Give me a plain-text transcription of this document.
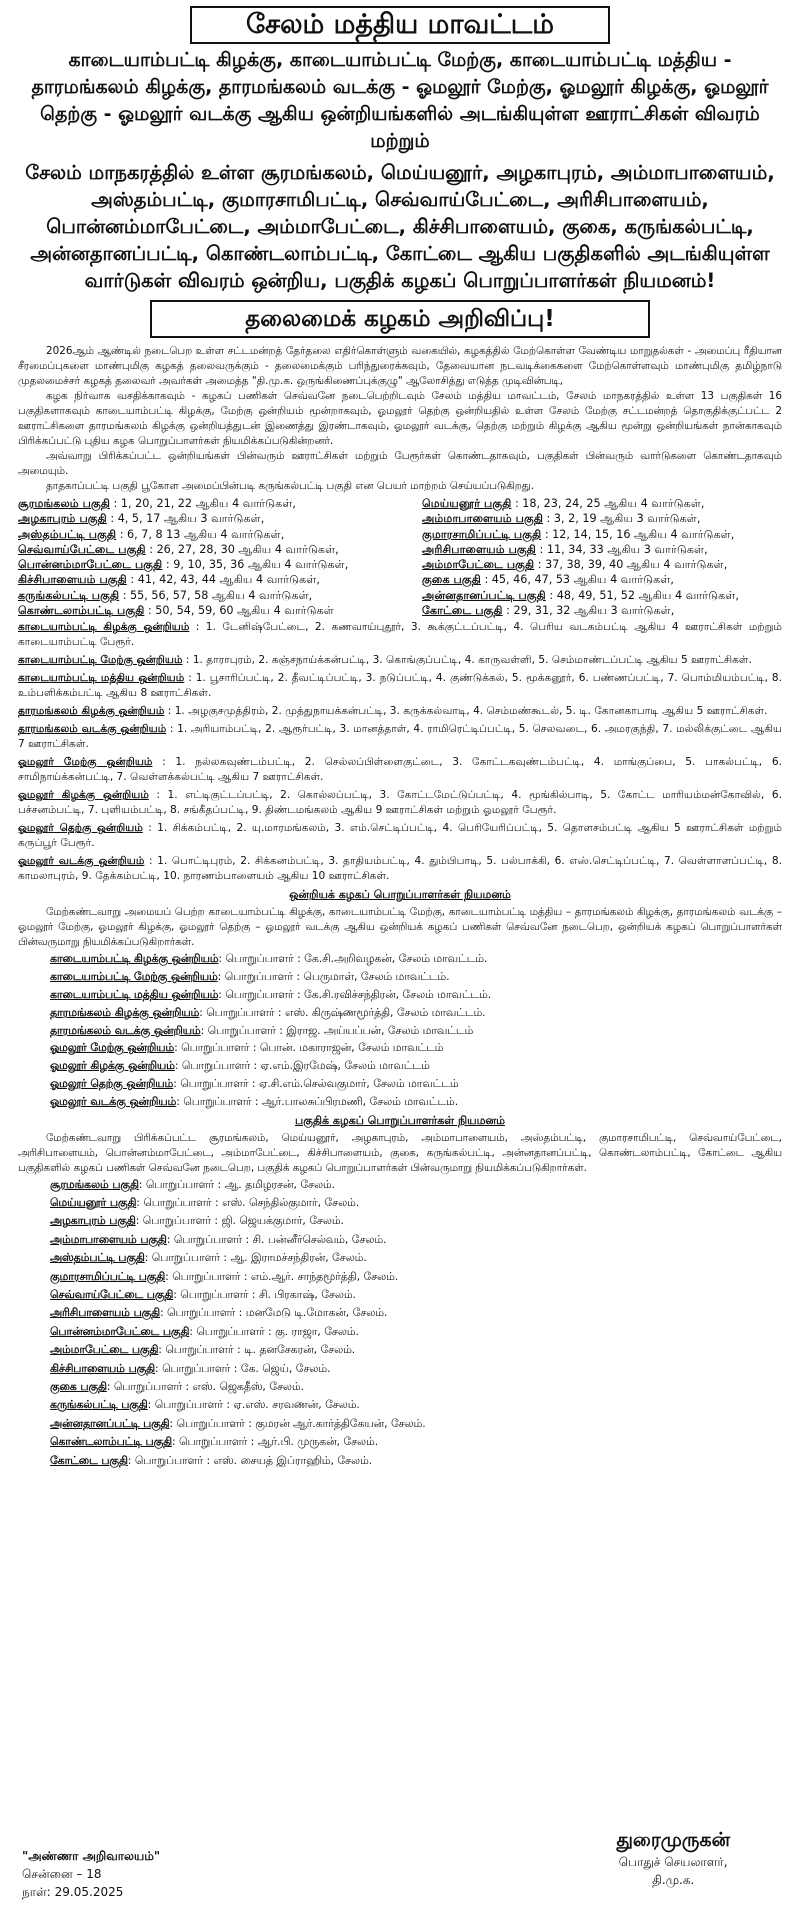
சேலம் மத்திய மாவட்டம்
காடையாம்பட்டி கிழக்கு, காடையாம்பட்டி மேற்கு, காடையாம்பட்டி மத்திய - தாரமங்கலம் கிழக்கு, தாரமங்கலம் வடக்கு - ஓமலூர் மேற்கு, ஓமலூர் கிழக்கு, ஓமலூர் தெற்கு - ஓமலூர் வடக்கு ஆகிய ஒன்றியங்களில் அடங்கியுள்ள ஊராட்சிகள் விவரம் மற்றும்
சேலம் மாநகரத்தில் உள்ள சூரமங்கலம், மெய்யனூர், அழகாபுரம், அம்மாபாளையம், அஸ்தம்பட்டி, குமாரசாமிபட்டி, செவ்வாய்பேட்டை, அரிசிபாளையம், பொன்னம்மாபேட்டை, அம்மாபேட்டை, கிச்சிபாளையம், குகை, கருங்கல்பட்டி, அன்னதானப்பட்டி, கொண்டலாம்பட்டி, கோட்டை ஆகிய பகுதிகளில் அடங்கியுள்ள வார்டுகள் விவரம் ஒன்றிய, பகுதிக் கழகப் பொறுப்பாளர்கள் நியமனம்!
தலைமைக் கழகம் அறிவிப்பு!
2026ஆம் ஆண்டில் நடைபெற உள்ள சட்டமன்றத் தேர்தலை எதிர்கொள்ளும் வகையில், கழகத்தில் மேற்கொள்ள வேண்டிய மாறுதல்கள் - அமைப்பு ரீதியான சீரமைப்புகளை மாண்புமிகு கழகத் தலைவருக்கும் - தலைமைக்கும் பரிந்துரைக்கவும், தேவையான நடவடிக்கைகளை மேற்கொள்ளவும் மாண்புமிகு தமிழ்நாடு முதலமைச்சர் கழகத் தலைவர் அவர்கள் அமைத்த "தி.மு.க. ஒருங்கிணைப்புக்குழு" ஆலோசித்து எடுத்த முடிவின்படி,
கழக நிர்வாக வசதிக்காகவும் - கழகப் பணிகள் செவ்வனே நடைபெற்றிடவும் சேலம் மத்திய மாவட்டம், சேலம் மாநகரத்தில் உள்ள 13 பகுதிகள் 16 பகுதிகளாகவும் காடையாம்பட்டி கிழக்கு, மேற்கு ஒன்றியம் மூன்றாகவும், ஓமலூர் தெற்கு ஒன்றியதில் உள்ள சேலம் மேற்கு சட்டமன்றத் தொகுதிக்குட்பட்ட 2 ஊராட்சிகளை தாரமங்கலம் கிழக்கு ஒன்றியத்துடன் இணைத்து இரண்டாகவும், ஓமலூர் வடக்கு, தெற்கு மற்றும் கிழக்கு ஆகிய மூன்று ஒன்றியங்கள் நான்காகவும் பிரிக்கப்பட்டு புதிய கழக பொறுப்பாளர்கள் நியமிக்கப்படுகின்றனர்.
அவ்வாறு பிரிக்கப்பட்ட ஒன்றியங்கள் பின்வரும் ஊராட்சிகள் மற்றும் பேரூர்கள் கொண்டதாகவும், பகுதிகள் பின்வரும் வார்டுகளை கொண்டதாகவும் அமையும்.
தாதகாப்பட்டி பகுதி பூகோள அமைப்பின்படி கருங்கல்பட்டி பகுதி என பெயர் மாற்றம் செய்யப்படுகிறது.
சூரமங்கலம் பகுதி : 1, 20, 21, 22 ஆகிய 4 வார்டுகள்,	மெய்யனூர் பகுதி : 18, 23, 24, 25 ஆகிய 4 வார்டுகள்,
அழகாபுரம் பகுதி : 4, 5, 17 ஆகிய 3 வார்டுகள்,	அம்மாபாளையம் பகுதி : 3, 2, 19 ஆகிய 3 வார்டுகள்,
அஸ்தம்பட்டி பகுதி : 6, 7, 8 13 ஆகிய 4 வார்டுகள்,	குமாரசாமிப்பட்டி பகுதி : 12, 14, 15, 16 ஆகிய 4 வார்டுகள்,
செவ்வாய்பேட்டை பகுதி : 26, 27, 28, 30 ஆகிய 4 வார்டுகள்,	அரிசிபாளையம் பகுதி : 11, 34, 33 ஆகிய 3 வார்டுகள்,
பொன்னம்மாபேட்டை பகுதி : 9, 10, 35, 36 ஆகிய 4 வார்டுகள்,	அம்மாபேட்டை பகுதி : 37, 38, 39, 40 ஆகிய 4 வார்டுகள்,
கிச்சிபாளையம் பகுதி : 41, 42, 43, 44 ஆகிய 4 வார்டுகள்,	குகை பகுதி : 45, 46, 47, 53 ஆகிய 4 வார்டுகள்,
கருங்கல்பட்டி பகுதி : 55, 56, 57, 58 ஆகிய 4 வார்டுகள்,	அன்னதானப்பட்டி பகுதி : 48, 49, 51, 52 ஆகிய 4 வார்டுகள்,
கொண்டலாம்பட்டி பகுதி : 50, 54, 59, 60 ஆகிய 4 வார்டுகள்	கோட்டை பகுதி : 29, 31, 32 ஆகிய 3 வார்டுகள்,
காடையாம்பட்டி கிழக்கு ஒன்றியம் : 1. டேனிஷ்பேட்டை, 2. கணவாய்புதூர், 3. கூக்குட்டப்பட்டி, 4. பெரிய வடகம்பட்டி ஆகிய 4 ஊராட்சிகள் மற்றும் காடையாம்பட்டி பேரூர்.
காடையாம்பட்டி மேற்கு ஒன்றியம் : 1. தாராபுரம், 2. கஞ்சநாய்க்கன்பட்டி, 3. கொங்குப்பட்டி, 4. காருவள்ளி, 5. செம்மாண்டப்பட்டி ஆகிய 5 ஊராட்சிகள்.
காடையாம்பட்டி மத்திய ஒன்றியம் : 1. பூசாரிப்பட்டி, 2. தீவட்டிப்பட்டி, 3. நடுப்பட்டி, 4. குண்டுக்கல், 5. மூக்கனூர், 6. பண்ணப்பட்டி, 7. பொம்மியம்பட்டி, 8. உம்பளிக்கம்பட்டி ஆகிய 8 ஊராட்சிகள்.
தாரமங்கலம் கிழக்கு ஒன்றியம் : 1. அழகுசமுத்திரம், 2. முத்துநாயக்கன்பட்டி, 3. கருக்கல்வாடி, 4. செம்மண்கூடல், 5. டி. கோனகாபாடி ஆகிய 5 ஊராட்சிகள்.
தாரமங்கலம் வடக்கு ஒன்றியம் : 1. அரியாம்பட்டி, 2. ஆரூர்பட்டி, 3. மானத்தாள், 4. ராமிரெட்டிப்பட்டி, 5. செலவடை, 6. அமரகுந்தி, 7. மல்லிக்குட்டை ஆகிய 7 ஊராட்சிகள்.
ஓமலூர் மேற்கு ஒன்றியம் : 1. நல்லகவுண்டம்பட்டி, 2. செல்லப்பிள்ளைகுட்டை, 3. கோட்டகவுண்டம்பட்டி, 4. மாங்குப்பை, 5. பாகல்பட்டி, 6. சாமிநாய்க்கன்பட்டி, 7. வெள்ளக்கல்பட்டி ஆகிய 7 ஊராட்சிகள்.
ஓமலூர் கிழக்கு ஒன்றியம் : 1. எட்டிகுட்டப்பட்டி, 2. கொல்லப்பட்டி, 3. கோட்டமேட்டுப்பட்டி, 4. மூங்கில்பாடி, 5. கோட்ட மாரியம்மன்கோவில், 6. பச்சனம்பட்டி, 7. புளியம்பட்டி, 8. சங்கீதப்பட்டி, 9. திண்டமங்கலம் ஆகிய 9 ஊராட்சிகள் மற்றும் ஓமலூர் பேரூர்.
ஓமலூர் தெற்கு ஒன்றியம் : 1. சிக்கம்பட்டி, 2. யு.மாரமங்கலம், 3. எம்.செட்டிப்பட்டி, 4. பெரியேரிப்பட்டி, 5. தொளசம்பட்டி ஆகிய 5 ஊராட்சிகள் மற்றும் கருப்பூர் பேரூர்.
ஓமலூர் வடக்கு ஒன்றியம் : 1. பொட்டிபுரம், 2. சிக்கனம்பட்டி, 3. தாதியம்பட்டி, 4. தும்பிபாடி, 5. பல்பாக்கி, 6. எஸ்.செட்டிப்பட்டி, 7. வெள்ளாளப்பட்டி, 8. காமலாபுரம், 9. தேக்கம்பட்டி, 10. நாரணம்பாளையம் ஆகிய 10 ஊராட்சிகள்.
ஒன்றியக் கழகப் பொறுப்பாளர்கள் நியமனம்
மேற்கண்டவாறு அமையப் பெற்ற காடையாம்பட்டி கிழக்கு, காடையாம்பட்டி மேற்கு, காடையாம்பட்டி மத்திய – தாரமங்கலம் கிழக்கு, தாரமங்கலம் வடக்கு – ஓமலூர் மேற்கு, ஓமலூர் கிழக்கு, ஓமலூர் தெற்கு – ஓமலூர் வடக்கு ஆகிய ஒன்றியக் கழகப் பணிகள் செவ்வனே நடைபெற, ஒன்றியக் கழகப் பொறுப்பாளர்கள் பின்வருமாறு நியமிக்கப்படுகிறார்கள்.
காடையாம்பட்டி கிழக்கு ஒன்றியம்: பொறுப்பாளர் : கே.சி.அறிவழகன், சேலம் மாவட்டம்.
காடையாம்பட்டி மேற்கு ஒன்றியம்: பொறுப்பாளர் : பெருமாள், சேலம் மாவட்டம்.
காடையாம்பட்டி மத்திய ஒன்றியம்: பொறுப்பாளர் : கே.சி.ரவிச்சந்திரன், சேலம் மாவட்டம்.
தாரமங்கலம் கிழக்கு ஒன்றியம்: பொறுப்பாளர் : எஸ். கிருஷ்ணமூர்த்தி, சேலம் மாவட்டம்.
தாரமங்கலம் வடக்கு ஒன்றியம்: பொறுப்பாளர் : இராஜ. அய்யப்பன், சேலம் மாவட்டம்
ஓமலூர் மேற்கு ஒன்றியம்: பொறுப்பாளர் : பொன். மகாராஜன், சேலம் மாவட்டம்
ஓமலூர் கிழக்கு ஒன்றியம்: பொறுப்பாளர் : ஏ.எம்.இரமேஷ், சேலம் மாவட்டம்
ஓமலூர் தெற்கு ஒன்றியம்: பொறுப்பாளர் : ஏ.சி.எம்.செல்வகுமார், சேலம் மாவட்டம்
ஓமலூர் வடக்கு ஒன்றியம்: பொறுப்பாளர் : ஆர்.பாலசுப்பிரமணி, சேலம் மாவட்டம்.
பகுதிக் கழகப் பொறுப்பாளர்கள் நியமனம்
மேற்கண்டவாறு பிரிக்கப்பட்ட சூரமங்கலம், மெய்யனூர், அழகாபுரம், அம்மாபாளையம், அஸ்தம்பட்டி, குமாரசாமிபட்டி, செவ்வாய்பேட்டை, அரிசிபாளையம், பொன்னம்மாபேட்டை, அம்மாபேட்டை, கிச்சிபாளையம், குகை, கருங்கல்பட்டி, அன்னதானப்பட்டி, கொண்டலாம்பட்டி, கோட்டை ஆகிய பகுதிகளில் கழகப் பணிகள் செவ்வனே நடைபெற, பகுதிக் கழகப் பொறுப்பாளர்கள் பின்வருமாறு நியமிக்கப்படுகிறார்கள்.
சூரமங்கலம் பகுதி: பொறுப்பாளர் : ஆ. தமிழரசன், சேலம்.
மெய்யனூர் பகுதி: பொறுப்பாளர் : எஸ். செந்தில்குமார், சேலம்.
அழகாபுரம் பகுதி: பொறுப்பாளர் : ஜி. ஜெயக்குமார், சேலம்.
அம்மாபாளையம் பகுதி: பொறுப்பாளர் : சி. பன்னீர்செல்வம், சேலம்.
அஸ்தம்பட்டி பகுதி: பொறுப்பாளர் : ஆ. இராமச்சந்திரன், சேலம்.
குமாரசாமிப்பட்டி பகுதி: பொறுப்பாளர் : எம்.ஆர். சாந்தமூர்த்தி, சேலம்.
செவ்வாய்பேட்டை பகுதி: பொறுப்பாளர் : சி. பிரகாஷ், சேலம்.
அரிசிபாளையம் பகுதி: பொறுப்பாளர் : மனமேடு டி.மோகன், சேலம்.
பொன்னம்மாபேட்டை பகுதி: பொறுப்பாளர் : கு. ராஜா, சேலம்.
அம்மாபேட்டை பகுதி: பொறுப்பாளர் : டி. தனசேகரன், சேலம்.
கிச்சிபாளையம் பகுதி: பொறுப்பாளர் : கே. ஜெய், சேலம்.
குகை பகுதி: பொறுப்பாளர் : எஸ். ஜெகதீஸ், சேலம்.
கருங்கல்பட்டி பகுதி: பொறுப்பாளர் : ஏ.எஸ். சரவணன், சேலம்.
அன்னதானப்பட்டி பகுதி: பொறுப்பாளர் : குமரன் ஆர்.கார்த்திகேயன், சேலம்.
கொண்டலாம்பட்டி பகுதி: பொறுப்பாளர் : ஆர்.பி. முருகன், சேலம்.
கோட்டை பகுதி: பொறுப்பாளர் : எஸ். சையத் இப்ராஹிம், சேலம்.
"அண்ணா அறிவாலயம்"
சென்னை – 18
நாள்: 29.05.2025
துரைமுருகன்
பொதுச் செயலாளர்,
தி.மு.க.
